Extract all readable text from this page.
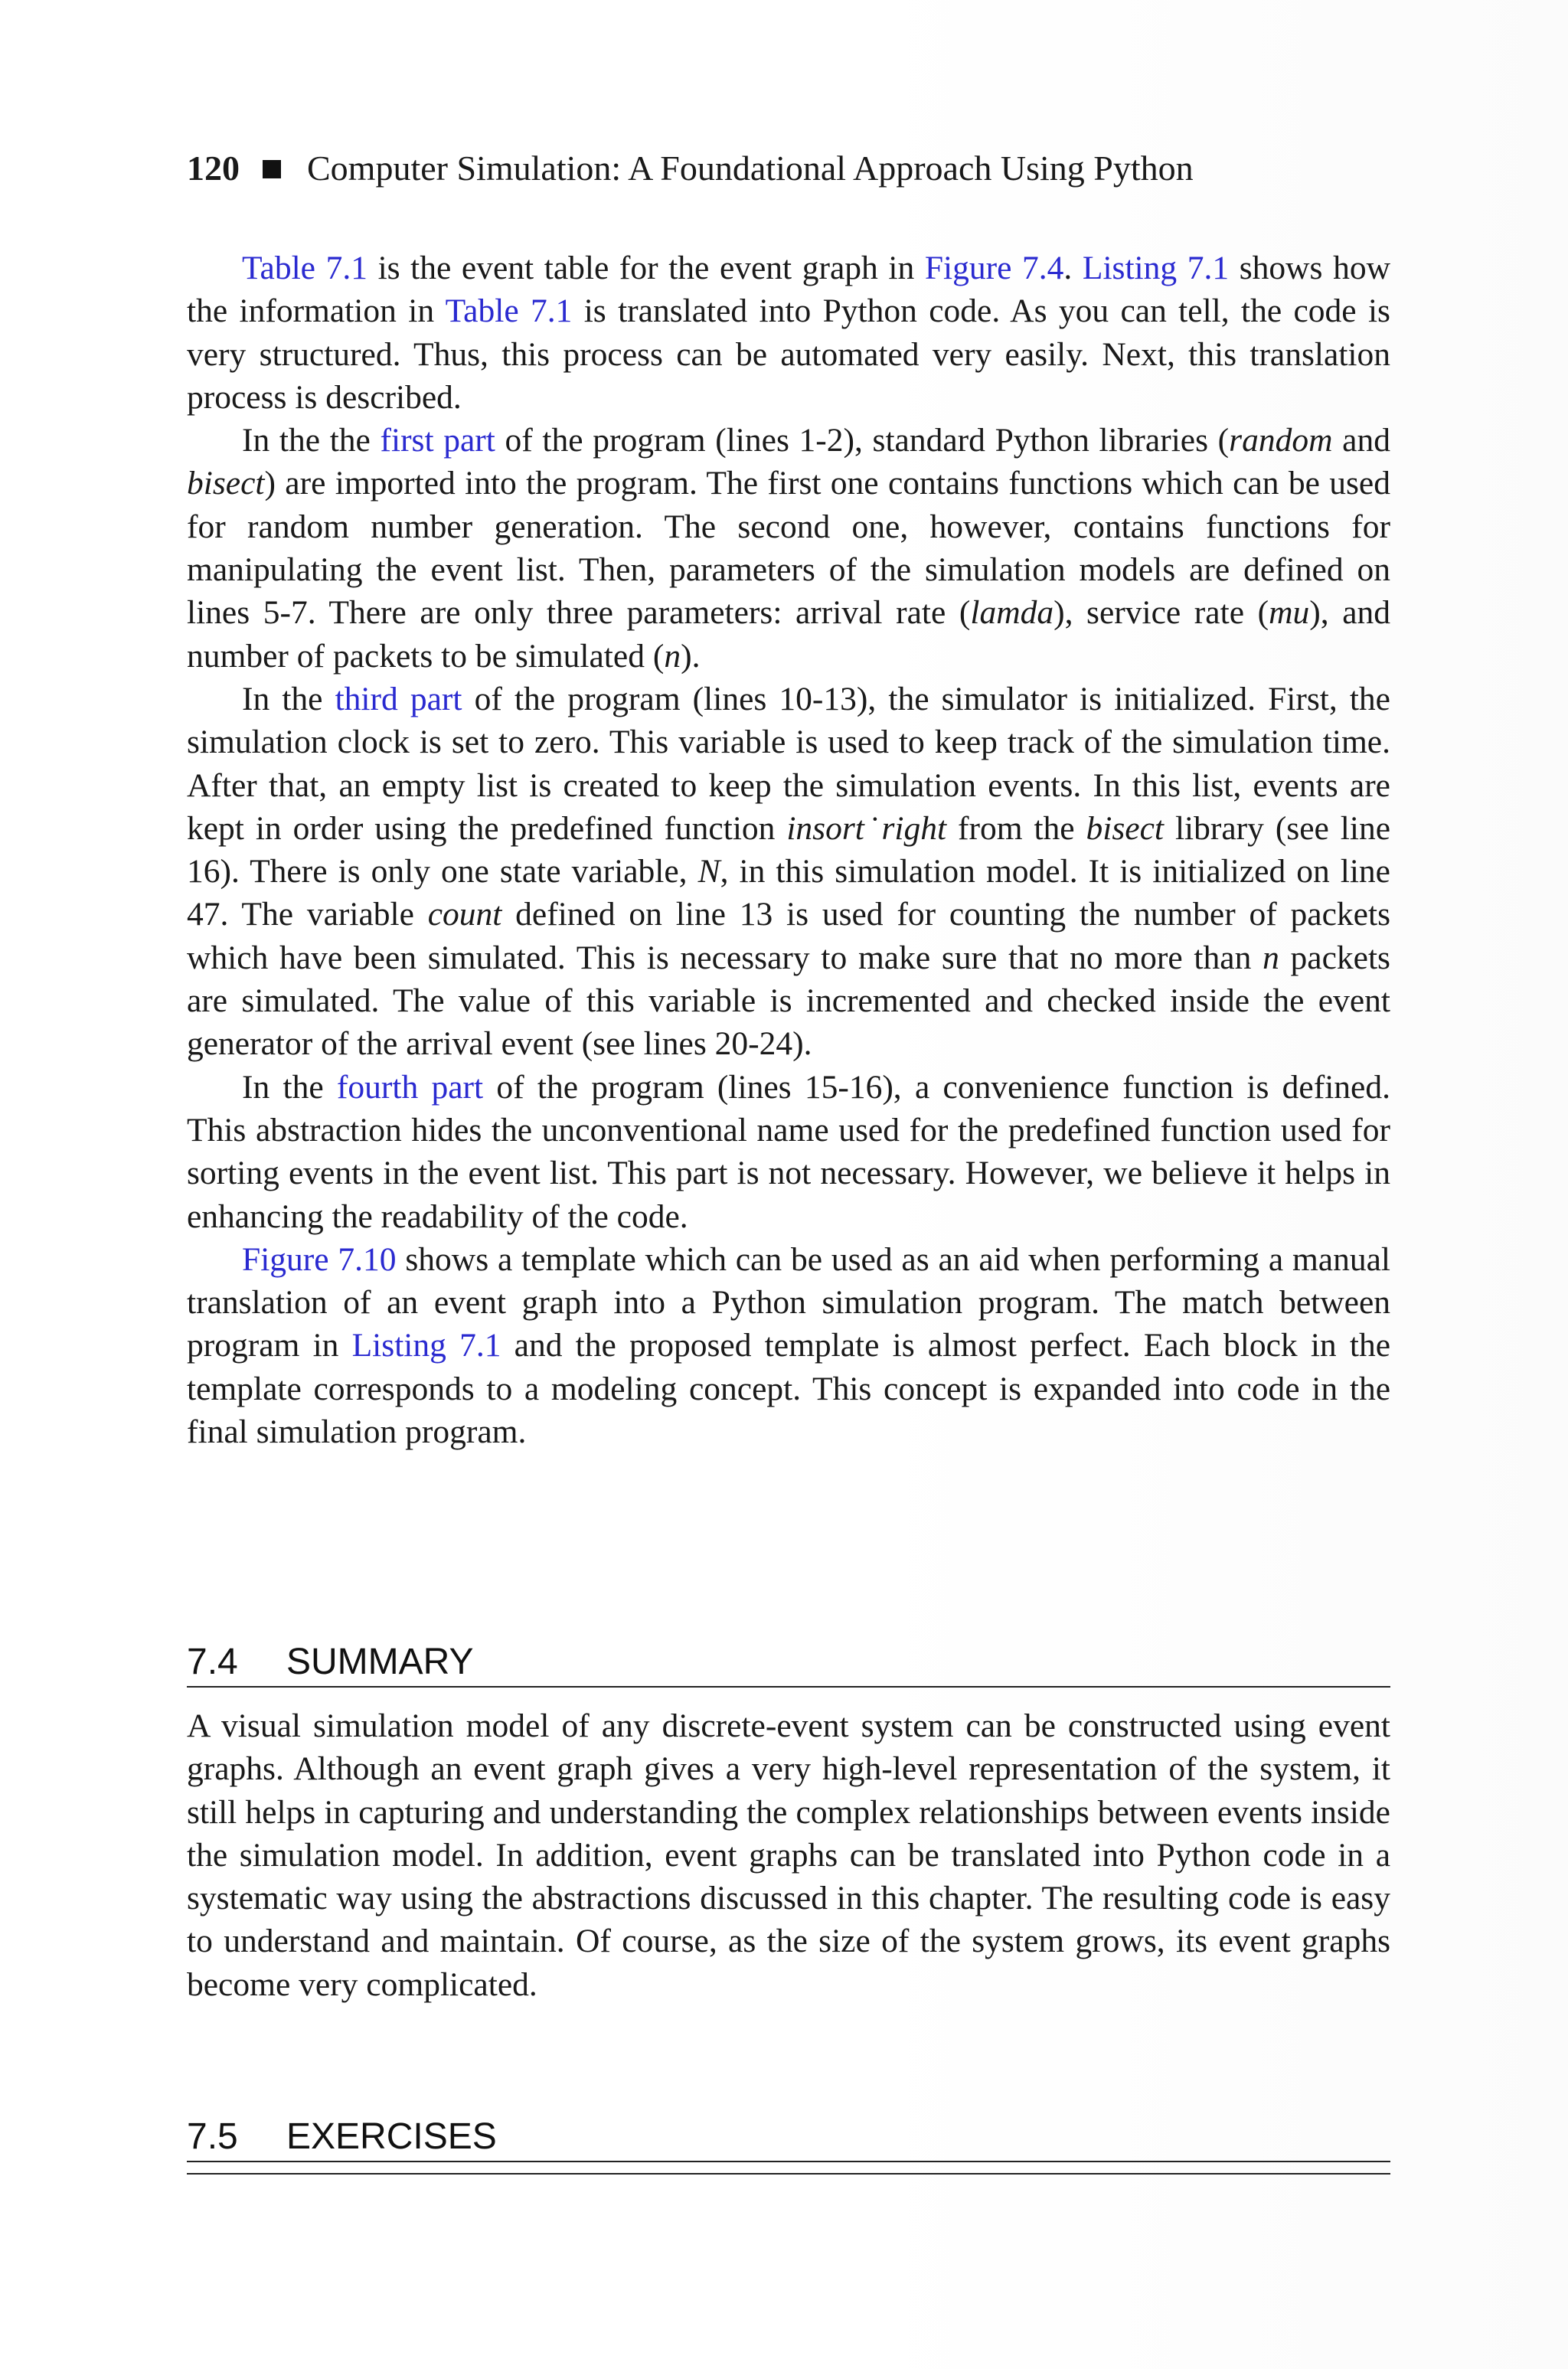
120 Computer Simulation: A Foundational Approach Using Python

Table 7.1 is the event table for the event graph in Figure 7.4. Listing 7.1 shows how the information in Table 7.1 is translated into Python code. As you can tell, the code is very structured. Thus, this process can be automated very easily. Next, this translation process is described.

In the the first part of the program (lines 1-2), standard Python libraries (random and bisect) are imported into the program. The first one contains functions which can be used for random number generation. The second one, however, contains functions for manipulating the event list. Then, parameters of the simulation models are defined on lines 5-7. There are only three parameters: arrival rate (lamda), service rate (mu), and number of packets to be simulated (n).

In the third part of the program (lines 10-13), the simulator is initialized. First, the simulation clock is set to zero. This variable is used to keep track of the simulation time. After that, an empty list is created to keep the simulation events. In this list, events are kept in order using the predefined function insort˙right from the bisect library (see line 16). There is only one state variable, N, in this simulation model. It is initialized on line 47. The variable count defined on line 13 is used for counting the number of packets which have been simulated. This is necessary to make sure that no more than n packets are simulated. The value of this variable is incremented and checked inside the event generator of the arrival event (see lines 20-24).

In the fourth part of the program (lines 15-16), a convenience function is defined. This abstraction hides the unconventional name used for the predefined function used for sorting events in the event list. This part is not necessary. However, we believe it helps in enhancing the readability of the code.

Figure 7.10 shows a template which can be used as an aid when performing a manual translation of an event graph into a Python simulation program. The match between program in Listing 7.1 and the proposed template is almost perfect. Each block in the template corresponds to a modeling concept. This concept is expanded into code in the final simulation program.

7.4 SUMMARY

A visual simulation model of any discrete-event system can be constructed using event graphs. Although an event graph gives a very high-level representation of the system, it still helps in capturing and understanding the complex relationships between events inside the simulation model. In addition, event graphs can be translated into Python code in a systematic way using the abstractions discussed in this chapter. The resulting code is easy to understand and maintain. Of course, as the size of the system grows, its event graphs become very complicated.

7.5 EXERCISES
